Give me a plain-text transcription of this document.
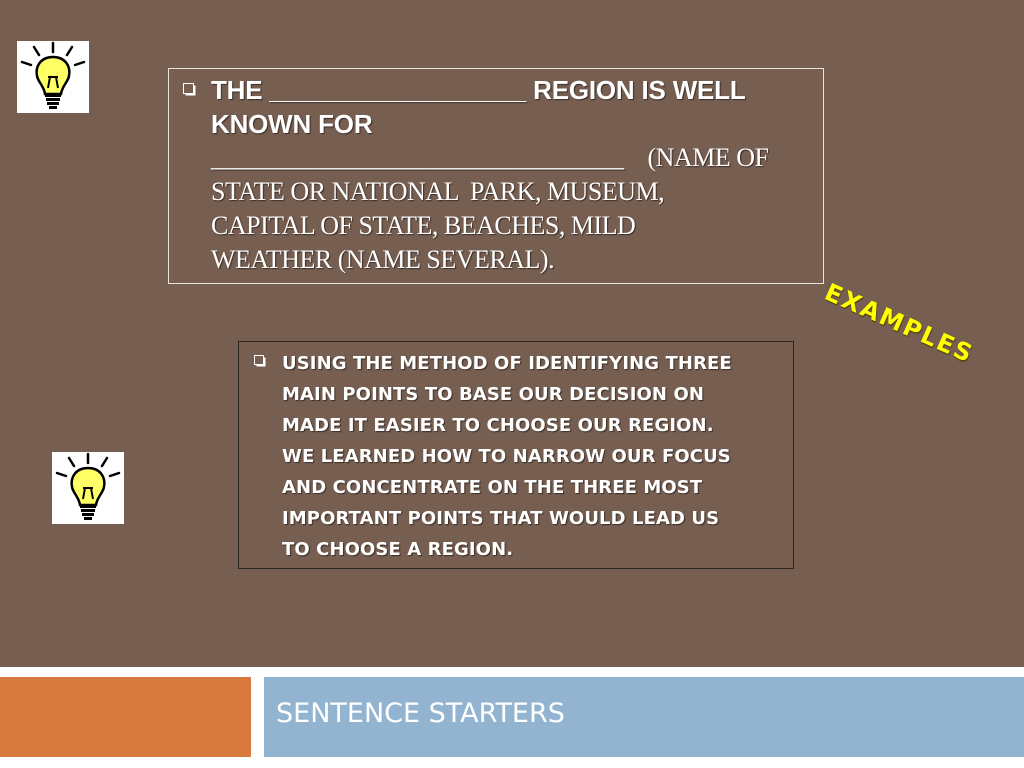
THE __________________ REGION IS WELL
KNOWN FOR
_________________________________    (NAME OF
STATE OR NATIONAL  PARK, MUSEUM,
CAPITAL OF STATE, BEACHES, MILD
WEATHER (NAME SEVERAL).
EXAMPLES
USING THE METHOD OF IDENTIFYING THREE
MAIN POINTS TO BASE OUR DECISION ON
MADE IT EASIER TO CHOOSE OUR REGION.
WE LEARNED HOW TO NARROW OUR FOCUS
AND CONCENTRATE ON THE THREE MOST
IMPORTANT POINTS THAT WOULD LEAD US
TO CHOOSE A REGION.
SENTENCE STARTERS
